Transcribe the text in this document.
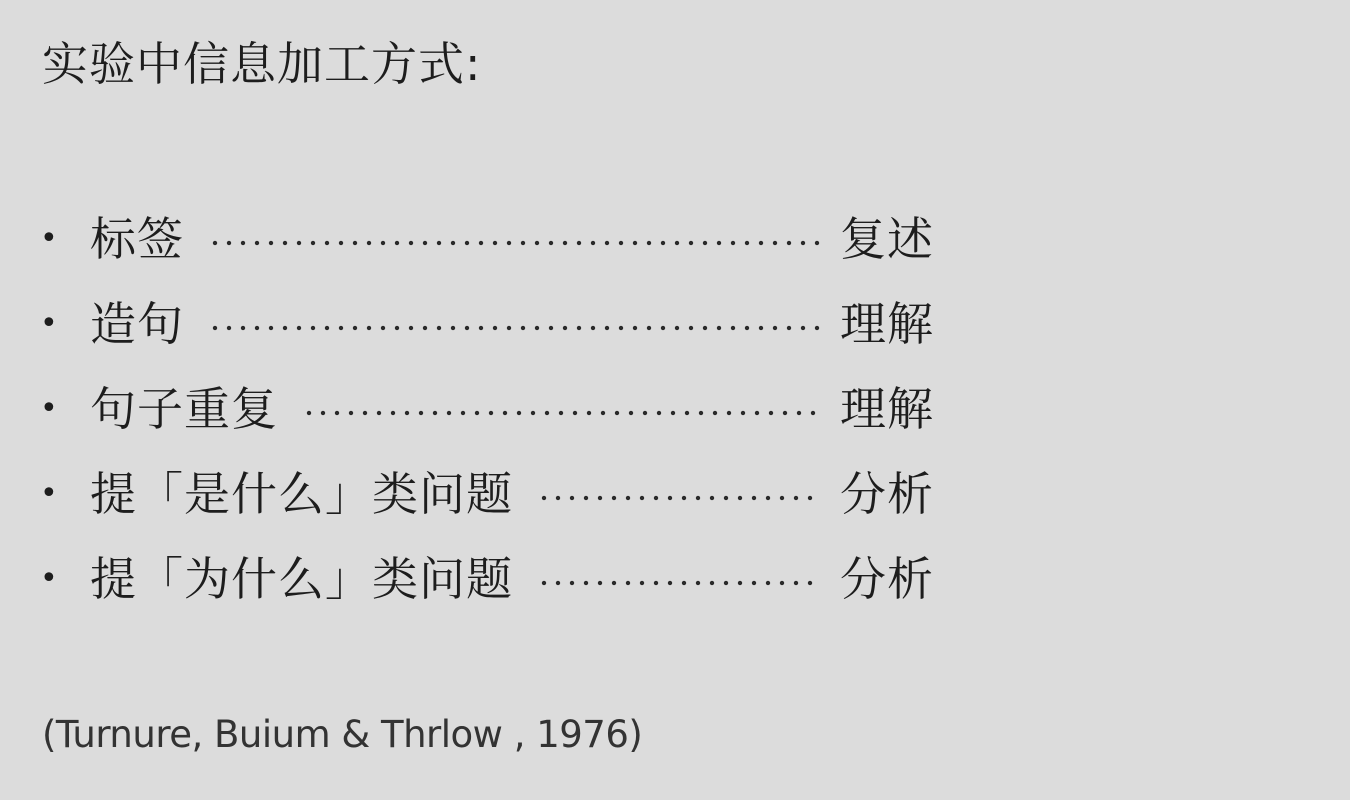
实验中信息加工方式:
• 标签	复述
• 造句	理解
• 句子重复	理解
• 提「是什么」类问题	分析
• 提「为什么」类问题	分析
(Turnure, Buium & Thrlow , 1976)
